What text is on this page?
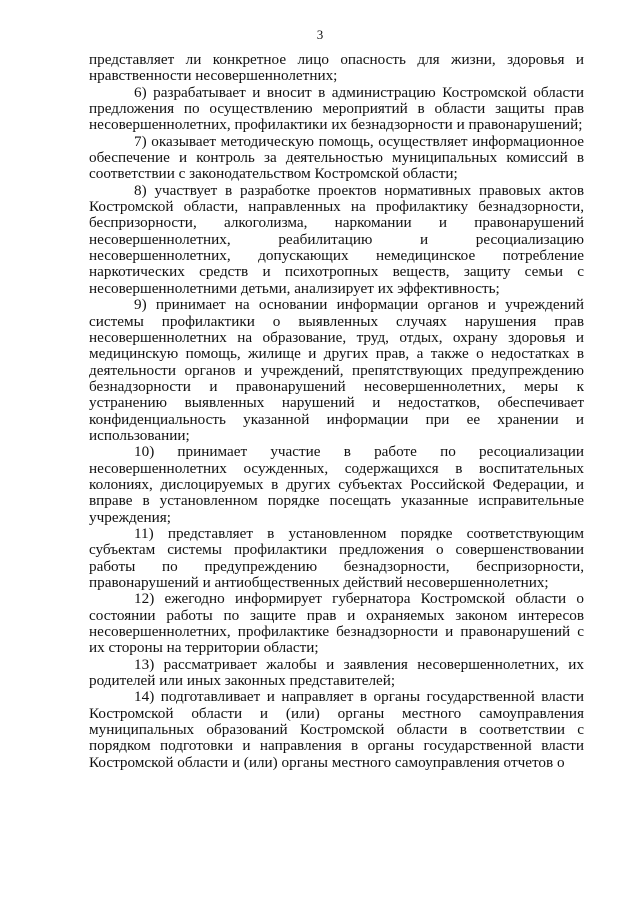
3

представляет ли конкретное лицо опасность для жизни, здоровья и нравственности несовершеннолетних;

6) разрабатывает и вносит в администрацию Костромской области предложения по осуществлению мероприятий в области защиты прав несовершеннолетних, профилактики их безнадзорности и правонарушений;

7) оказывает методическую помощь, осуществляет информационное обеспечение и контроль за деятельностью муниципальных комиссий в соответствии с законодательством Костромской области;

8) участвует в разработке проектов нормативных правовых актов Костромской области, направленных на профилактику безнадзорности, беспризорности, алкоголизма, наркомании и правонарушений несовершеннолетних, реабилитацию и ресоциализацию несовершеннолетних, допускающих немедицинское потребление наркотических средств и психотропных веществ, защиту семьи с несовершеннолетними детьми, анализирует их эффективность;

9) принимает на основании информации органов и учреждений системы профилактики о выявленных случаях нарушения прав несовершеннолетних на образование, труд, отдых, охрану здоровья и медицинскую помощь, жилище и других прав, а также о недостатках в деятельности органов и учреждений, препятствующих предупреждению безнадзорности и правонарушений несовершеннолетних, меры к устранению выявленных нарушений и недостатков, обеспечивает конфиденциальность указанной информации при ее хранении и использовании;

10) принимает участие в работе по ресоциализации несовершеннолетних осужденных, содержащихся в воспитательных колониях, дислоцируемых в других субъектах Российской Федерации, и вправе в установленном порядке посещать указанные исправительные учреждения;

11) представляет в установленном порядке соответствующим субъектам системы профилактики предложения о совершенствовании работы по предупреждению безнадзорности, беспризорности, правонарушений и антиобщественных действий несовершеннолетних;

12) ежегодно информирует губернатора Костромской области о состоянии работы по защите прав и охраняемых законом интересов несовершеннолетних, профилактике безнадзорности и правонарушений с их стороны на территории области;

13) рассматривает жалобы и заявления несовершеннолетних, их родителей или иных законных представителей;

14) подготавливает и направляет в органы государственной власти Костромской области и (или) органы местного самоуправления муниципальных образований Костромской области в соответствии с порядком подготовки и направления в органы государственной власти Костромской области и (или) органы местного самоуправления отчетов о
